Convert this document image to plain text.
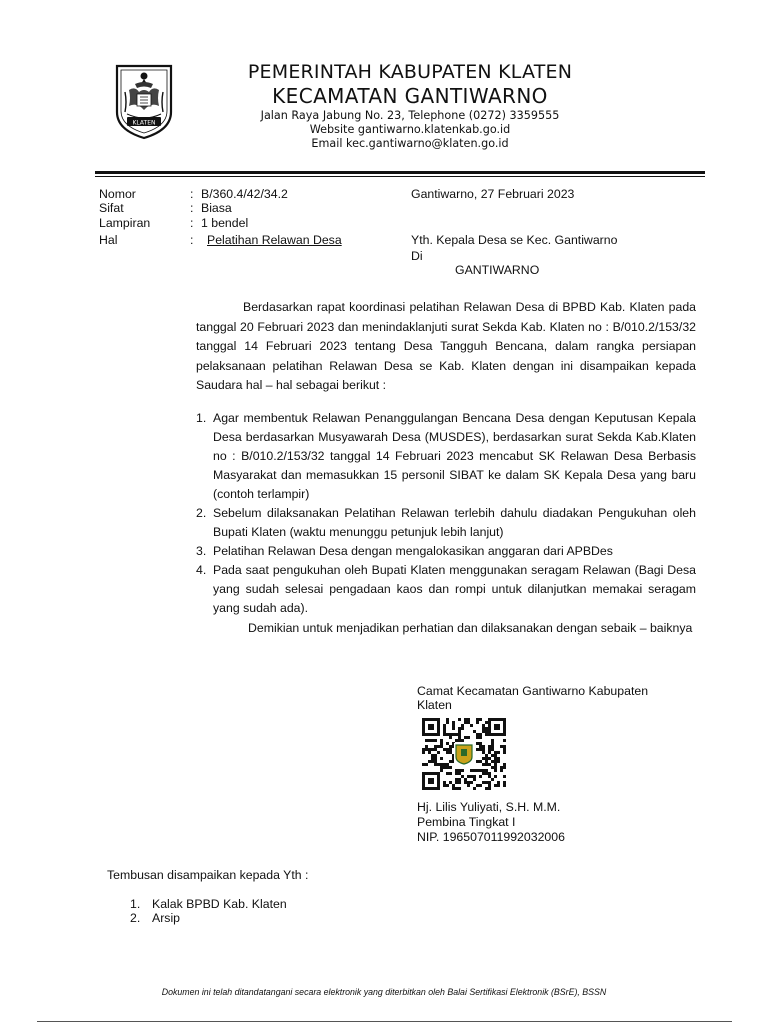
KLATEN
PEMERINTAH KABUPATEN KLATEN
KECAMATAN GANTIWARNO
Jalan Raya Jabung No. 23, Telephone (0272) 3359555
Website gantiwarno.klatenkab.go.id
Email kec.gantiwarno@klaten.go.id
Nomor	: B/360.4/42/34.2
Sifat	: Biasa
Lampiran	: 1 bendel
Hal	: Pelatihan Relawan Desa
Gantiwarno, 27 Februari 2023
Yth. Kepala Desa se Kec. Gantiwarno
Di
GANTIWARNO
Berdasarkan rapat koordinasi pelatihan Relawan Desa di BPBD Kab. Klaten pada tanggal 20 Februari 2023 dan menindaklanjuti surat Sekda Kab. Klaten no : B/010.2/153/32 tanggal 14 Februari 2023 tentang Desa Tangguh Bencana, dalam rangka persiapan pelaksanaan pelatihan Relawan Desa se Kab. Klaten dengan ini disampaikan kepada Saudara hal – hal sebagai berikut :
1. Agar membentuk Relawan Penanggulangan Bencana Desa dengan Keputusan Kepala Desa berdasarkan Musyawarah Desa (MUSDES), berdasarkan surat Sekda Kab.Klaten no : B/010.2/153/32 tanggal 14 Februari 2023 mencabut SK Relawan Desa Berbasis Masyarakat dan memasukkan 15 personil SIBAT ke dalam SK Kepala Desa yang baru (contoh terlampir)
2. Sebelum dilaksanakan Pelatihan Relawan terlebih dahulu diadakan Pengukuhan oleh Bupati Klaten (waktu menunggu petunjuk lebih lanjut)
3. Pelatihan Relawan Desa dengan mengalokasikan anggaran dari APBDes
4. Pada saat pengukuhan oleh Bupati Klaten menggunakan seragam Relawan (Bagi Desa yang sudah selesai pengadaan kaos dan rompi untuk dilanjutkan memakai seragam yang sudah ada).
Demikian untuk menjadikan perhatian dan dilaksanakan dengan sebaik – baiknya
Camat Kecamatan Gantiwarno Kabupaten
Klaten
Hj. Lilis Yuliyati, S.H. M.M.
Pembina Tingkat I
NIP. 196507011992032006
Tembusan disampaikan kepada Yth :
1. Kalak BPBD Kab. Klaten
2. Arsip
Dokumen ini telah ditandatangani secara elektronik yang diterbitkan oleh Balai Sertifikasi Elektronik (BSrE), BSSN
